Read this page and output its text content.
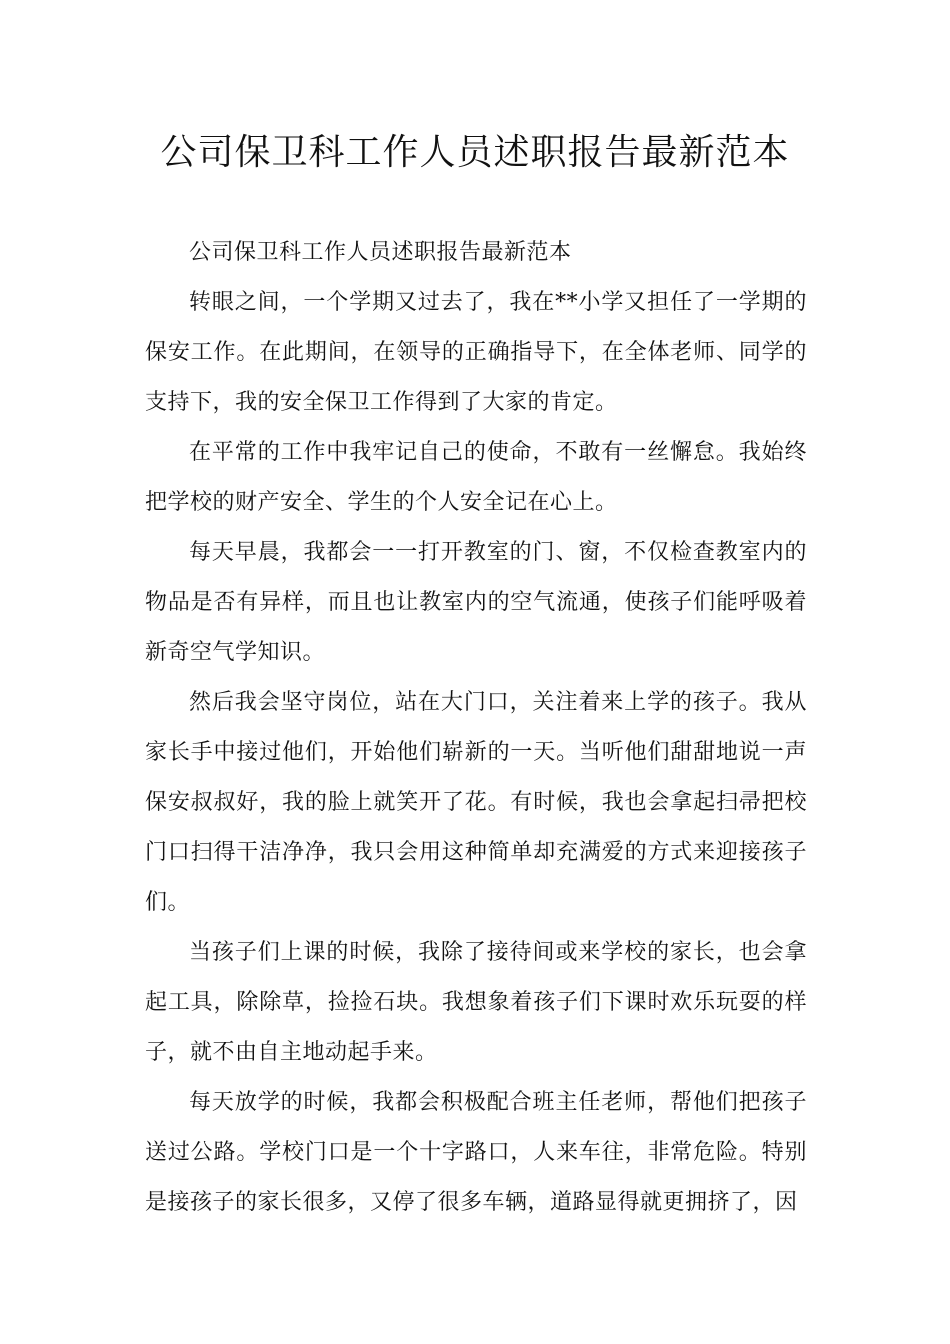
公司保卫科工作人员述职报告最新范本

公司保卫科工作人员述职报告最新范本

转眼之间，一个学期又过去了，我在**小学又担任了一学期的保安工作。在此期间，在领导的正确指导下，在全体老师、同学的支持下，我的安全保卫工作得到了大家的肯定。

在平常的工作中我牢记自己的使命，不敢有一丝懈怠。我始终把学校的财产安全、学生的个人安全记在心上。

每天早晨，我都会一一打开教室的门、窗，不仅检查教室内的物品是否有异样，而且也让教室内的空气流通，使孩子们能呼吸着新奇空气学知识。

然后我会坚守岗位，站在大门口，关注着来上学的孩子。我从家长手中接过他们，开始他们崭新的一天。当听他们甜甜地说一声保安叔叔好，我的脸上就笑开了花。有时候，我也会拿起扫帚把校门口扫得干洁净净，我只会用这种简单却充满爱的方式来迎接孩子们。

当孩子们上课的时候，我除了接待间或来学校的家长，也会拿起工具，除除草，捡捡石块。我想象着孩子们下课时欢乐玩耍的样子，就不由自主地动起手来。

每天放学的时候，我都会积极配合班主任老师，帮他们把孩子送过公路。学校门口是一个十字路口，人来车往，非常危险。特别是接孩子的家长很多，又停了很多车辆，道路显得就更拥挤了，因
